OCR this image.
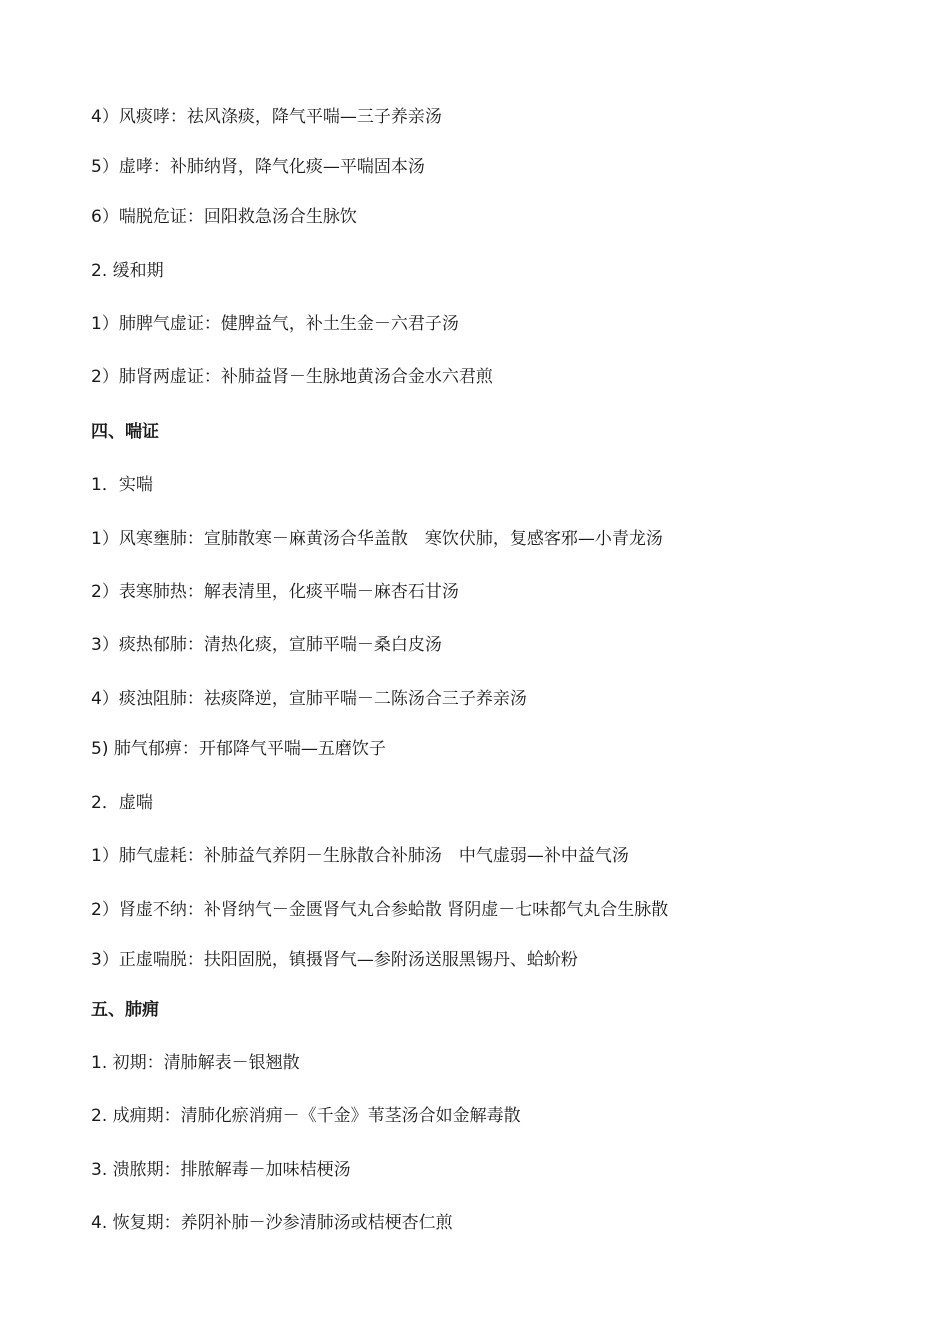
4）风痰哮：祛风涤痰，降气平喘—三子养亲汤
5）虚哮：补肺纳肾，降气化痰—平喘固本汤
6）喘脱危证：回阳救急汤合生脉饮
2. 缓和期
1）肺脾气虚证：健脾益气，补土生金－六君子汤
2）肺肾两虚证：补肺益肾－生脉地黄汤合金水六君煎
四、喘证
1．实喘
1）风寒壅肺：宣肺散寒－麻黄汤合华盖散　寒饮伏肺，复感客邪—小青龙汤
2）表寒肺热：解表清里，化痰平喘－麻杏石甘汤
3）痰热郁肺：清热化痰，宣肺平喘－桑白皮汤
4）痰浊阻肺：祛痰降逆，宣肺平喘－二陈汤合三子养亲汤
5) 肺气郁痹：开郁降气平喘—五磨饮子
2．虚喘
1）肺气虚耗：补肺益气养阴－生脉散合补肺汤　中气虚弱—补中益气汤
2）肾虚不纳：补肾纳气－金匮肾气丸合参蛤散 肾阴虚－七味都气丸合生脉散
3）正虚喘脱：扶阳固脱，镇摄肾气—参附汤送服黑锡丹、蛤蚧粉
五、肺痈
1. 初期：清肺解表－银翘散
2. 成痈期：清肺化瘀消痈－《千金》苇茎汤合如金解毒散
3. 溃脓期：排脓解毒－加味桔梗汤
4. 恢复期：养阴补肺－沙参清肺汤或桔梗杏仁煎
